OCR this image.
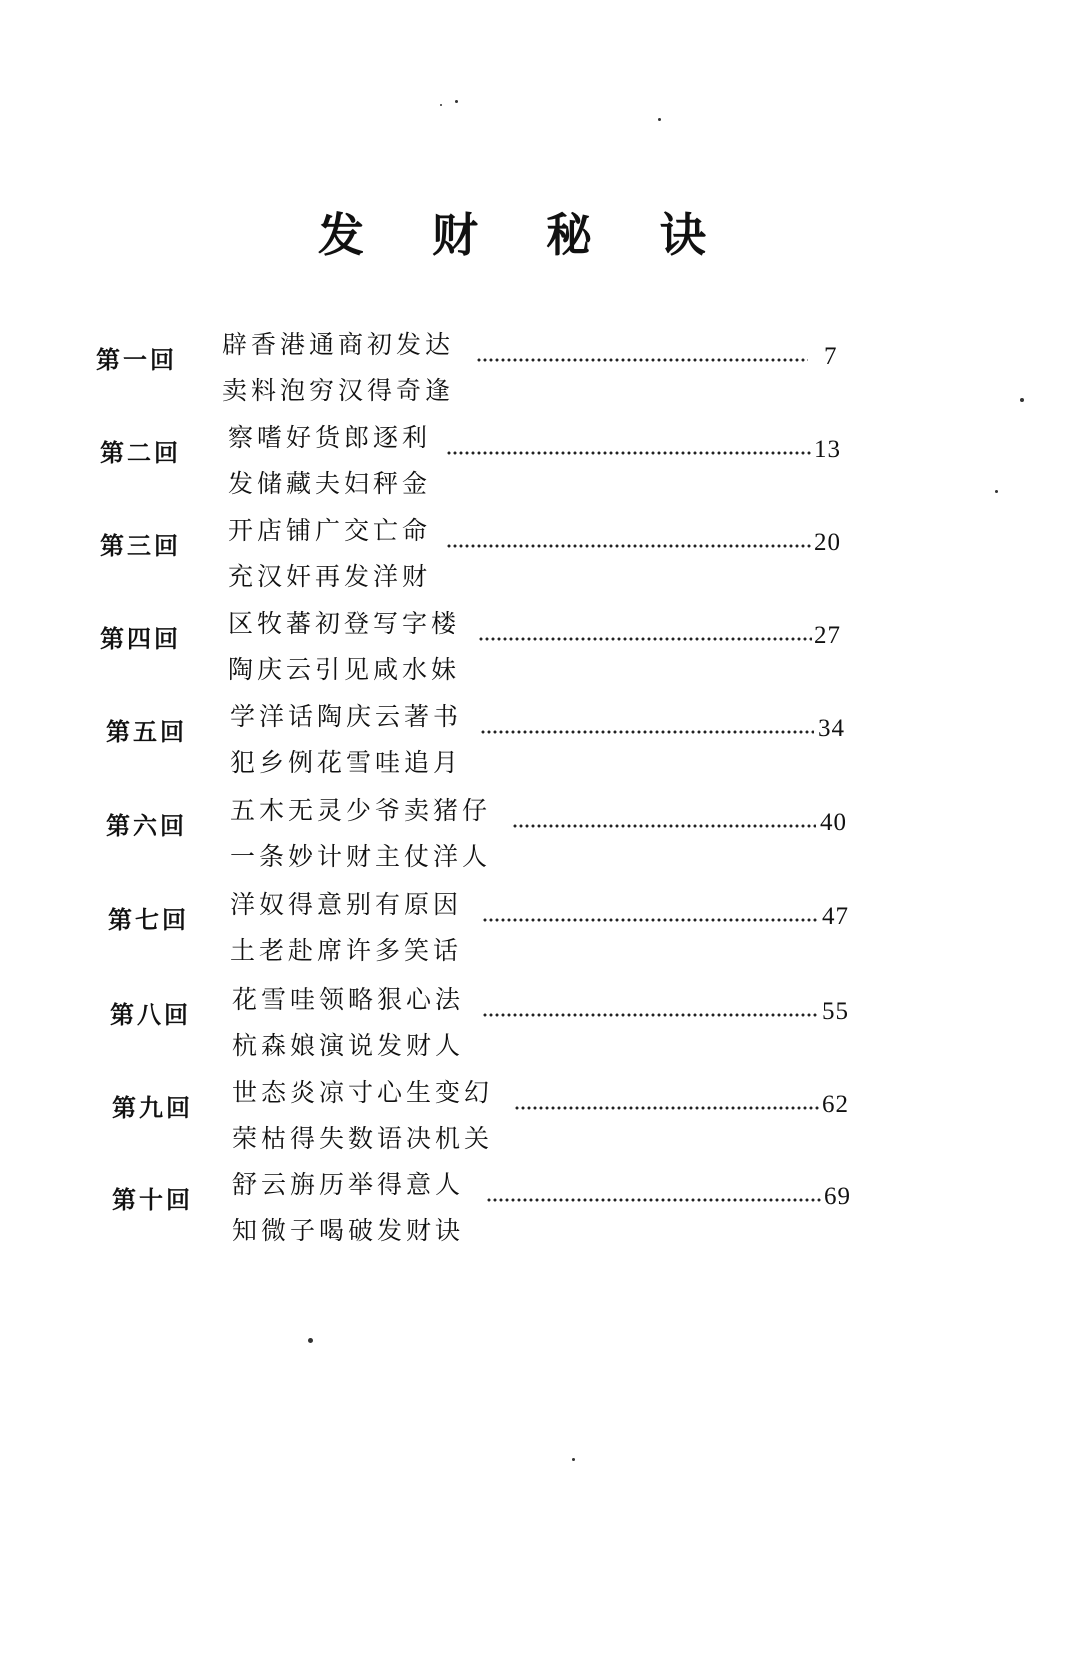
发 财 秘 诀
第一回
辟香港通商初发达
卖料泡穷汉得奇逢
7
第二回
察嗜好货郎逐利
发储藏夫妇秤金
13
第三回
开店铺广交亡命
充汉奸再发洋财
20
第四回
区牧蕃初登写字楼
陶庆云引见咸水妹
27
第五回
学洋话陶庆云著书
犯乡例花雪哇追月
34
第六回
五木无灵少爷卖猪仔
一条妙计财主仗洋人
40
第七回
洋奴得意别有原因
土老赴席许多笑话
47
第八回
花雪哇领略狠心法
杭森娘演说发财人
55
第九回
世态炎凉寸心生变幻
荣枯得失数语决机关
62
第十回
舒云旃历举得意人
知微子喝破发财诀
69
